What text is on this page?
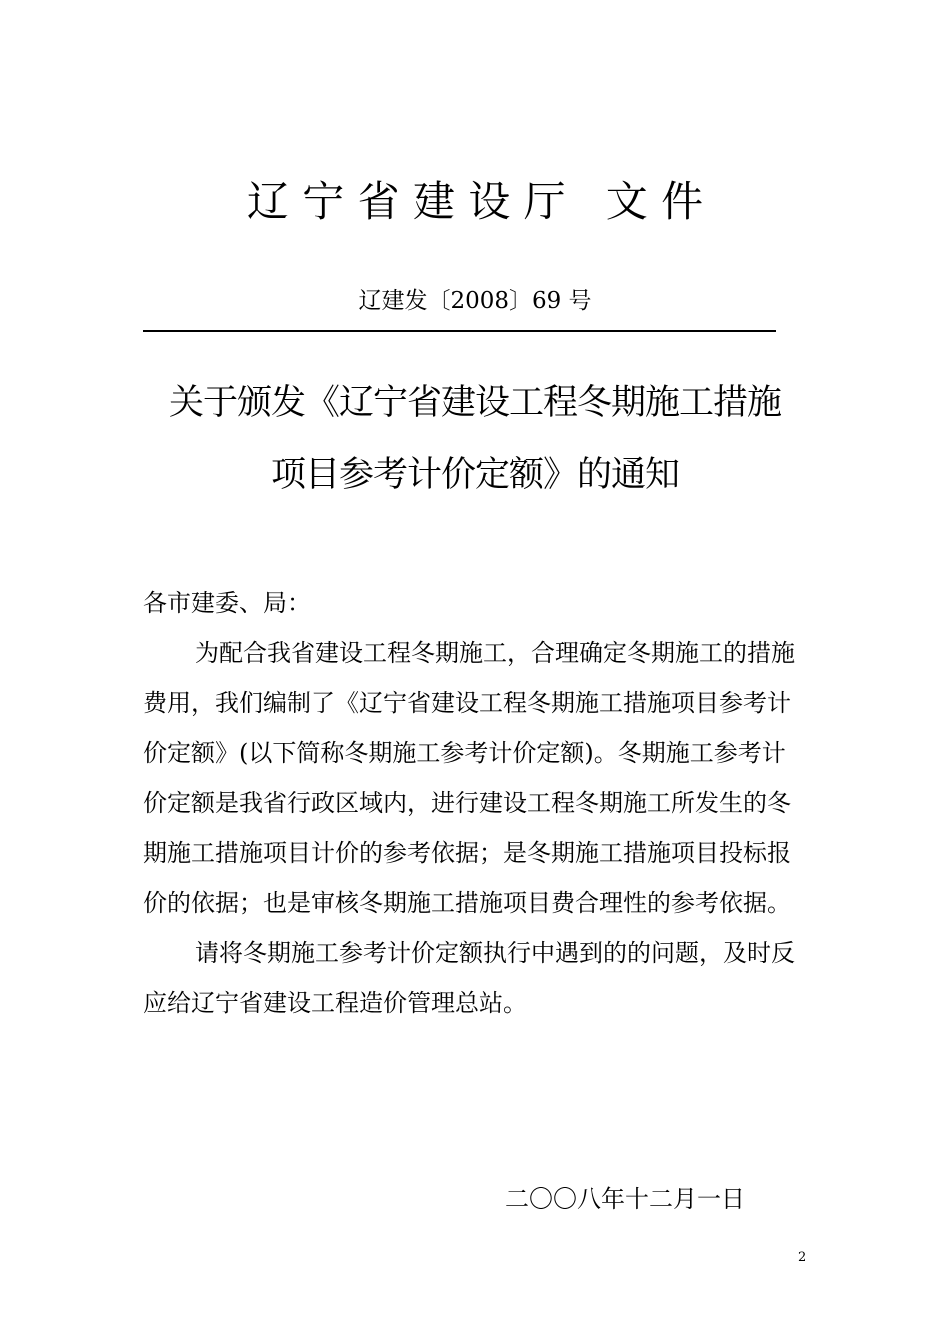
辽 宁 省 建 设 厅   文 件
辽建发〔2008〕69 号
关于颁发《辽宁省建设工程冬期施工措施
项目参考计价定额》的通知
各市建委、局：
为配合我省建设工程冬期施工，合理确定冬期施工的措施
费用，我们编制了《辽宁省建设工程冬期施工措施项目参考计
价定额》(以下简称冬期施工参考计价定额)。冬期施工参考计
价定额是我省行政区域内，进行建设工程冬期施工所发生的冬
期施工措施项目计价的参考依据；是冬期施工措施项目投标报
价的依据；也是审核冬期施工措施项目费合理性的参考依据。
请将冬期施工参考计价定额执行中遇到的的问题，及时反
应给辽宁省建设工程造价管理总站。
二〇〇八年十二月一日
2
